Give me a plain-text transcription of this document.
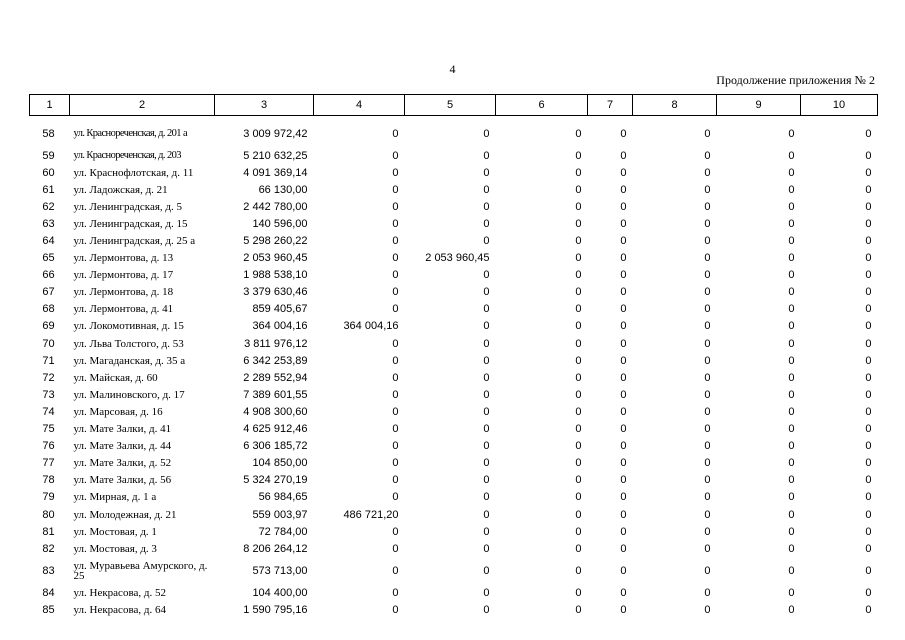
4
Продолжение приложения № 2
1	2	3	4	5	6	7	8	9	10
58	ул. Краснореченская, д. 201 а	3 009 972,42	0	0	0	0	0	0	0
59	ул. Краснореченская, д. 203	5 210 632,25	0	0	0	0	0	0	0
60	ул. Краснофлотская, д. 11	4 091 369,14	0	0	0	0	0	0	0
61	ул. Ладожская, д. 21	66 130,00	0	0	0	0	0	0	0
62	ул. Ленинградская, д. 5	2 442 780,00	0	0	0	0	0	0	0
63	ул. Ленинградская, д. 15	140 596,00	0	0	0	0	0	0	0
64	ул. Ленинградская, д. 25 а	5 298 260,22	0	0	0	0	0	0	0
65	ул. Лермонтова, д. 13	2 053 960,45	0	2 053 960,45	0	0	0	0	0
66	ул. Лермонтова, д. 17	1 988 538,10	0	0	0	0	0	0	0
67	ул. Лермонтова, д. 18	3 379 630,46	0	0	0	0	0	0	0
68	ул. Лермонтова, д. 41	859 405,67	0	0	0	0	0	0	0
69	ул. Локомотивная, д. 15	364 004,16	364 004,16	0	0	0	0	0	0
70	ул. Льва Толстого, д. 53	3 811 976,12	0	0	0	0	0	0	0
71	ул. Магаданская, д. 35 а	6 342 253,89	0	0	0	0	0	0	0
72	ул. Майская, д. 60	2 289 552,94	0	0	0	0	0	0	0
73	ул. Малиновского, д. 17	7 389 601,55	0	0	0	0	0	0	0
74	ул. Марсовая, д. 16	4 908 300,60	0	0	0	0	0	0	0
75	ул. Мате Залки, д. 41	4 625 912,46	0	0	0	0	0	0	0
76	ул. Мате Залки, д. 44	6 306 185,72	0	0	0	0	0	0	0
77	ул. Мате Залки, д. 52	104 850,00	0	0	0	0	0	0	0
78	ул. Мате Залки, д. 56	5 324 270,19	0	0	0	0	0	0	0
79	ул. Мирная, д. 1 а	56 984,65	0	0	0	0	0	0	0
80	ул. Молодежная, д. 21	559 003,97	486 721,20	0	0	0	0	0	0
81	ул. Мостовая, д. 1	72 784,00	0	0	0	0	0	0	0
82	ул. Мостовая, д. 3	8 206 264,12	0	0	0	0	0	0	0
83	ул. Муравьева Амурского, д. 25	573 713,00	0	0	0	0	0	0	0
84	ул. Некрасова, д. 52	104 400,00	0	0	0	0	0	0	0
85	ул. Некрасова, д. 64	1 590 795,16	0	0	0	0	0	0	0
